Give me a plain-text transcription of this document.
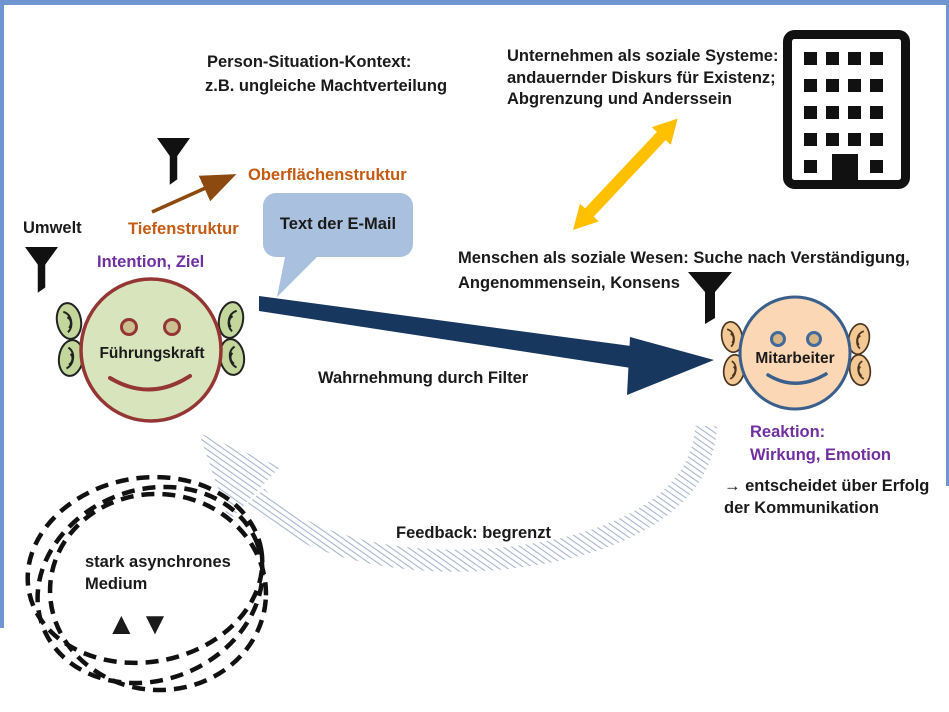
Person-Situation-Kontext:
z.B. ungleiche Machtverteilung
Unternehmen als soziale Systeme:
andauernder Diskurs für Existenz;
Abgrenzung und Anderssein
Oberflächenstruktur
Tiefenstruktur
Umwelt
Intention, Ziel
Text der E-Mail
stark asynchrones
Medium
▲▼
Führungskraft	Mitarbeiter
Wahrnehmung durch Filter
Menschen als soziale Wesen: Suche nach Verständigung,
Angenommensein, Konsens
Reaktion:
Wirkung, Emotion
→ entscheidet über Erfolg
der Kommunikation
Feedback: begrenzt
